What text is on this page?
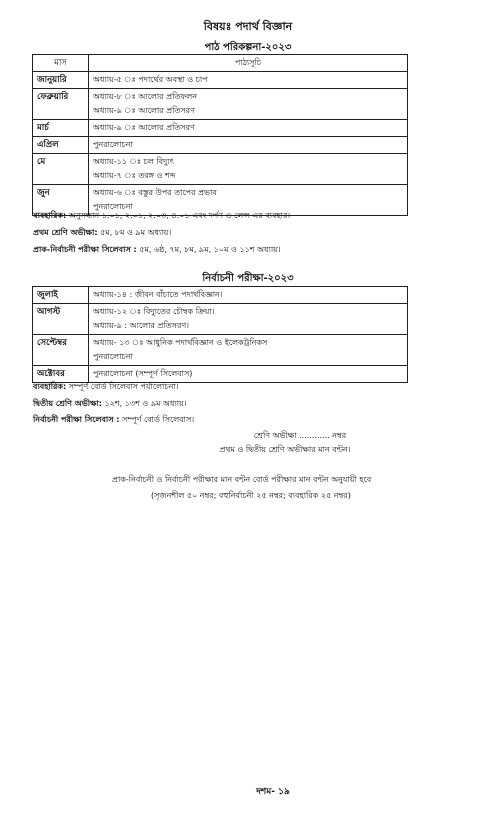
বিষয়ঃ পদার্থ বিজ্ঞান
পাঠ পরিকল্পনা-২০২৩
মাস	পাঠ্যসূচি
জানুয়ারি	অধ্যায়-৫ ঃ পদার্থের অবস্থা ও চাপ

ফেব্রুয়ারি	অধ্যায়-৮ ঃ আলোর প্রতিফলন
অধ্যায়-৯ ঃ আলোর প্রতিসরণ

মার্চ	অধ্যায়-৯ ঃ আলোর প্রতিসরণ

এপ্রিল	পুনরালোচনা

মে	অধ্যায়-১১ ঃ চল বিদ্যুৎ
অধ্যায়-৭ ঃ তরঙ্গ ও শব্দ

জুন	অধ্যায়-৬ ঃ বস্তুর উপর তাপের প্রভাব
পুনরালোচনা
ব্যবহারিক: অনুসন্ধান ১.০১, ২.০১, ২.০৩, ৪.০১ এবং দর্পণ ও লেন্স এর ব্যবহার।
প্রথম শ্রেণি অভীক্ষা: ৫ম, ৮ম ও ৯ম অধ্যায়।
প্রাক-নির্বাচনী পরীক্ষা সিলেবাস : ৫ম, ৬ষ্ঠ, ৭ম, ৮ম, ৯ম, ১০ম ও ১১শ অধ্যায়।
নির্বাচনী পরীক্ষা-২০২৩
জুলাই	অধ্যায়-১৪ : জীবন বাঁচাতে পদার্থবিজ্ঞান।

আগস্ট	অধ্যায়-১২ ঃ বিদ্যুতের চৌম্বক ক্রিয়া।
অধ্যায়-৯ : আলোর প্রতিসরণ।

সেপ্টেম্বর	অধ্যায়- ১৩ ঃ আধুনিক পদার্থবিজ্ঞান ও ইলেকট্রনিকস
পুনরালোচনা

অক্টোবর	পুনরালোচনা (সম্পূর্ণ সিলেবাস)
ব্যবহারিক: সম্পূর্ণ বোর্ড সিলেবাস পর্যালোচনা।
দ্বিতীয় শ্রেণি অভীক্ষা: ১২শ, ১৩শ ও ৯ম অধ্যায়।
নির্বাচনী পরীক্ষা সিলেবাস : সম্পূর্ণ বোর্ড সিলেবাস।
শ্রেণি অভীক্ষা ............ নম্বর
প্রথম ও দ্বিতীয় শ্রেণি অভীক্ষার মান বন্টন।
প্রাক-নির্বাচনী ও নির্বাচনী পরীক্ষার মান বন্টন বোর্ড পরীক্ষার মান বন্টন অনুযায়ী হবে
(সৃজনশীল ৫০ নম্বর; বহুনির্বাচনী ২৫ নম্বর; ব্যবহারিক ২৫ নম্বর)
দশম- ১৯
